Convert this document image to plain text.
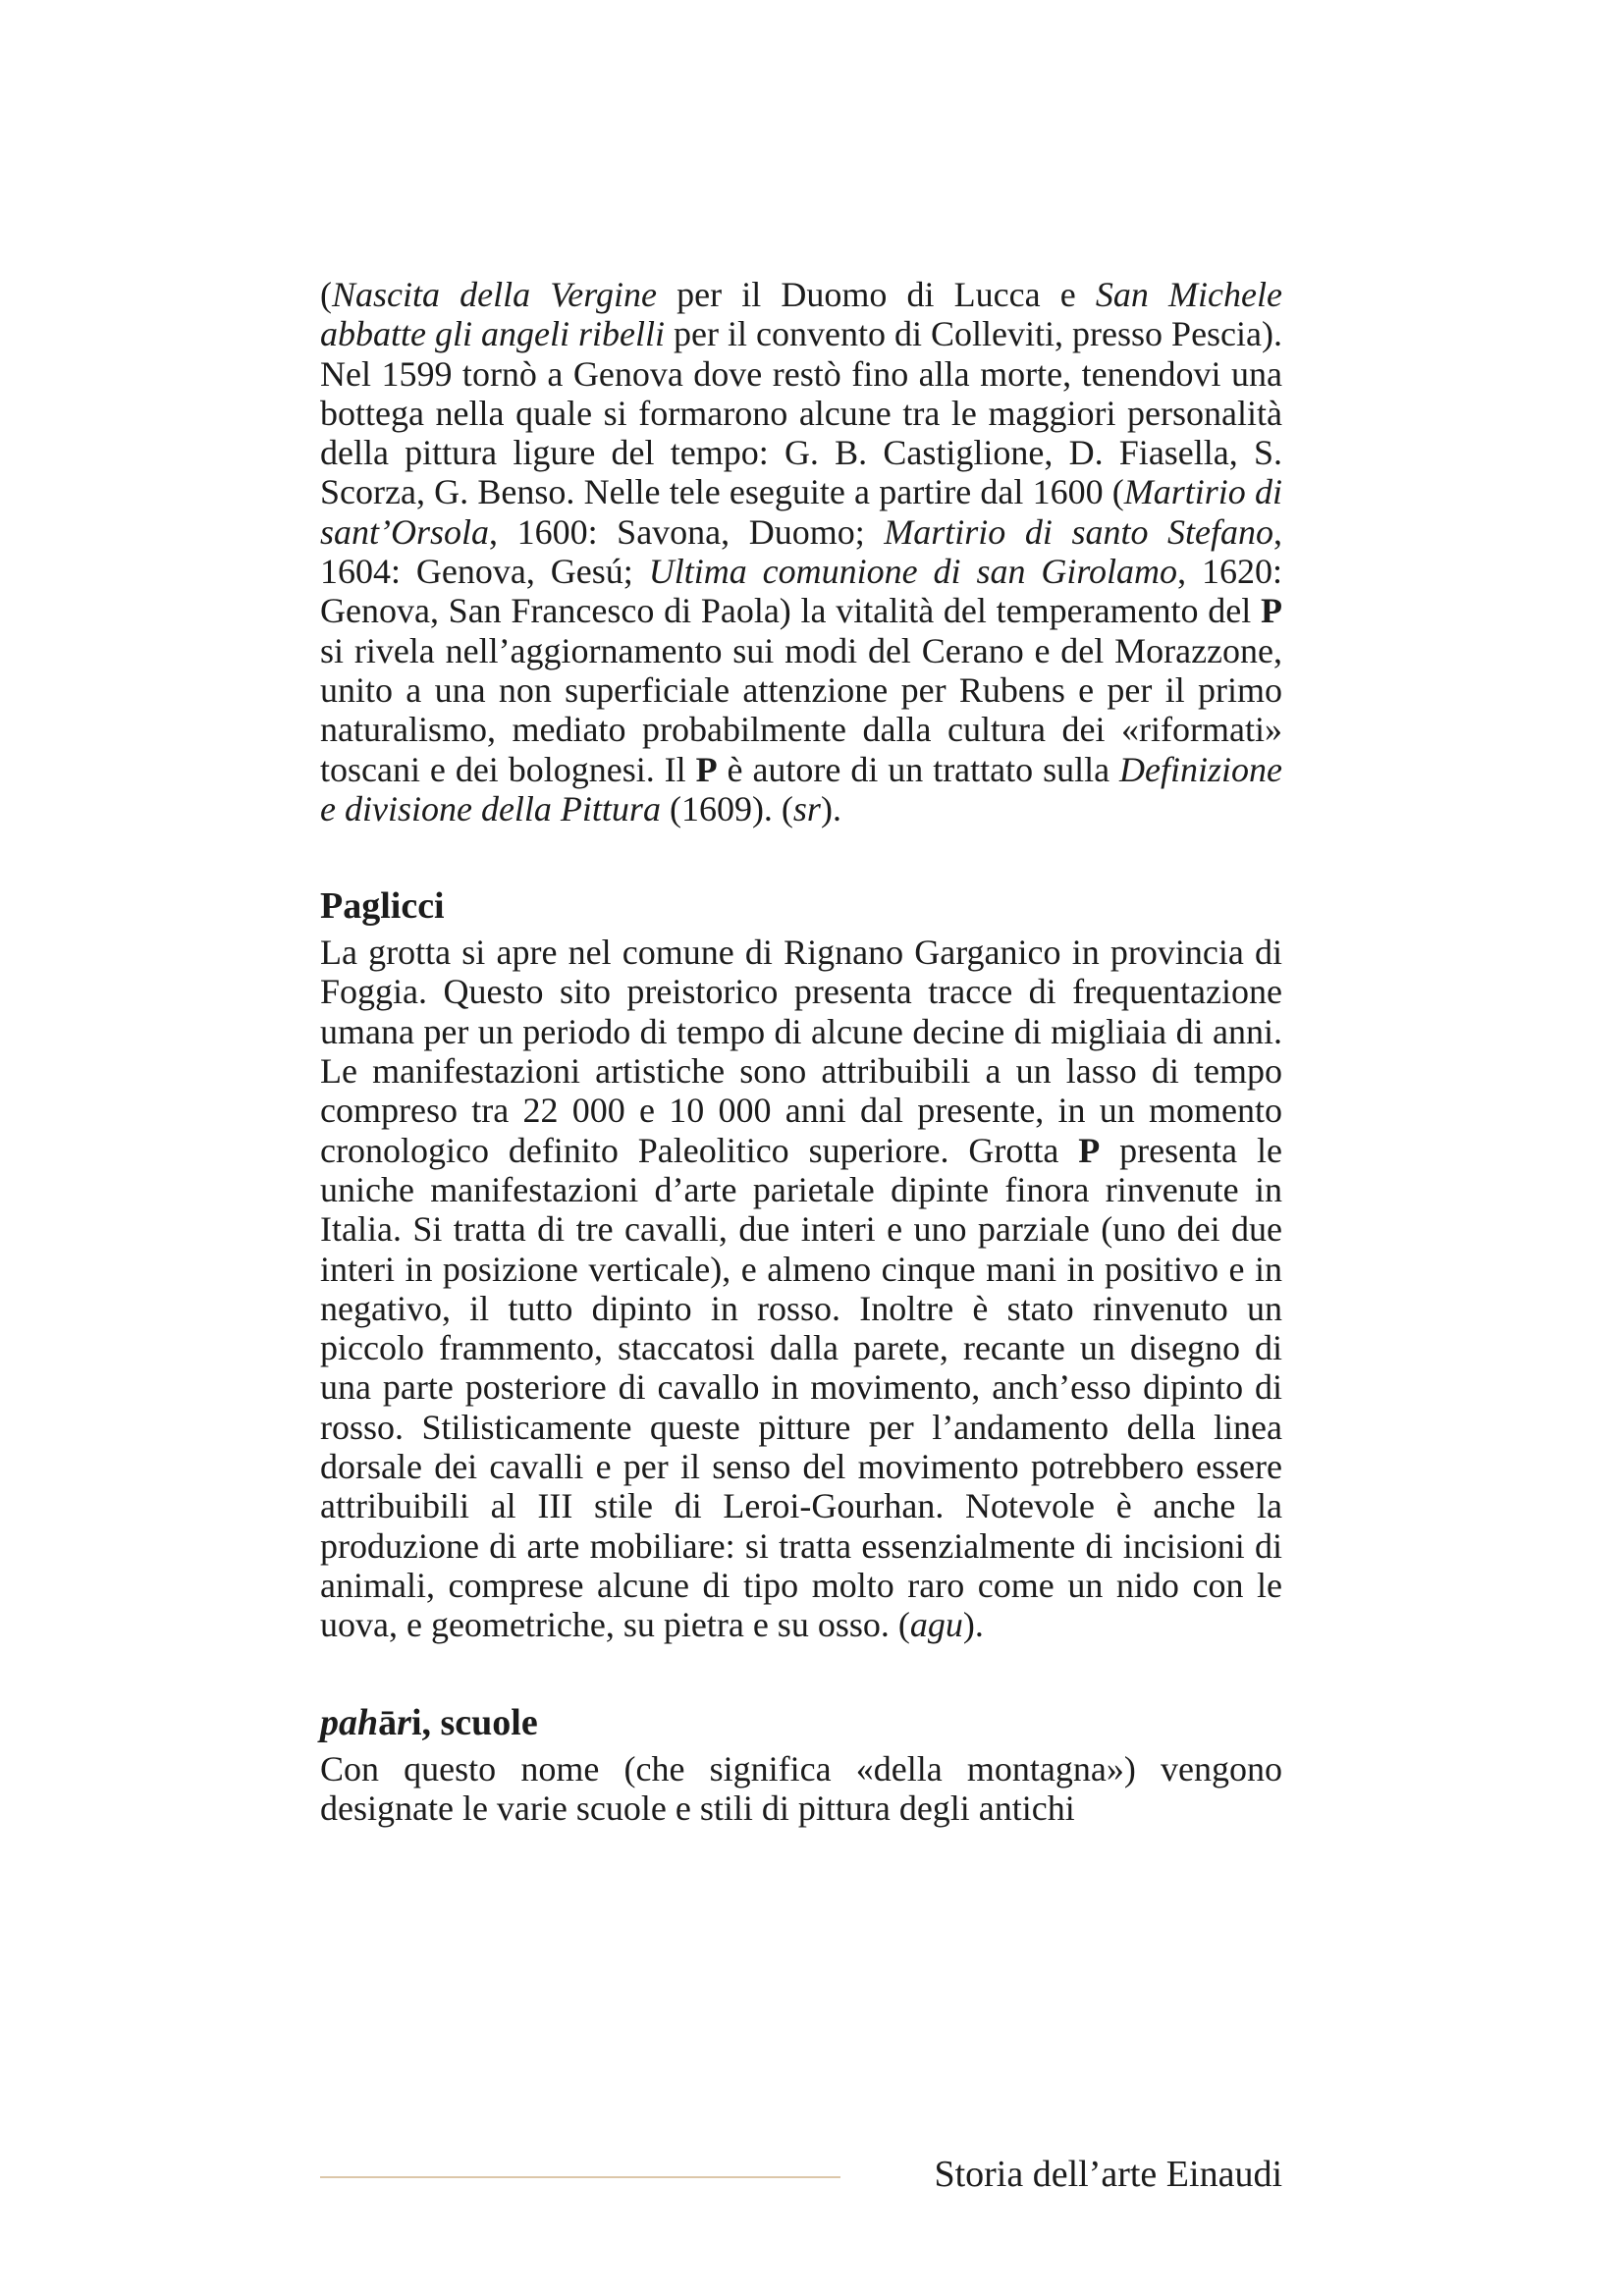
(Nascita della Vergine per il Duomo di Lucca e San Michele abbatte gli angeli ribelli per il convento di Colleviti, presso Pescia). Nel 1599 tornò a Genova dove restò fino alla morte, tenendovi una bottega nella quale si formarono alcune tra le maggiori personalità della pittura ligure del tempo: G. B. Castiglione, D. Fiasella, S. Scorza, G. Benso. Nelle tele eseguite a partire dal 1600 (Martirio di sant’Orsola, 1600: Savona, Duomo; Martirio di santo Stefano, 1604: Genova, Gesú; Ultima comunione di san Girolamo, 1620: Genova, San Francesco di Paola) la vitalità del temperamento del P si rivela nell’aggiornamento sui modi del Cerano e del Morazzone, unito a una non superficiale attenzione per Rubens e per il primo naturalismo, mediato probabilmente dalla cultura dei «riformati» toscani e dei bolognesi. Il P è autore di un trattato sulla Definizione e divisione della Pittura (1609). (sr).

Paglicci

La grotta si apre nel comune di Rignano Garganico in provincia di Foggia. Questo sito preistorico presenta tracce di frequentazione umana per un periodo di tempo di alcune decine di migliaia di anni. Le manifestazioni artistiche sono attribuibili a un lasso di tempo compreso tra 22 000 e 10 000 anni dal presente, in un momento cronologico definito Paleolitico superiore. Grotta P presenta le uniche manifestazioni d’arte parietale dipinte finora rinvenute in Italia. Si tratta di tre cavalli, due interi e uno parziale (uno dei due interi in posizione verticale), e almeno cinque mani in positivo e in negativo, il tutto dipinto in rosso. Inoltre è stato rinvenuto un piccolo frammento, staccatosi dalla parete, recante un disegno di una parte posteriore di cavallo in movimento, anch’esso dipinto di rosso. Stilisticamente queste pitture per l’andamento della linea dorsale dei cavalli e per il senso del movimento potrebbero essere attribuibili al III stile di Leroi-Gourhan. Notevole è anche la produzione di arte mobiliare: si tratta essenzialmente di incisioni di animali, comprese alcune di tipo molto raro come un nido con le uova, e geometriche, su pietra e su osso. (agu).

pahāri, scuole

Con questo nome (che significa «della montagna») vengono designate le varie scuole e stili di pittura degli antichi

Storia dell’arte Einaudi
